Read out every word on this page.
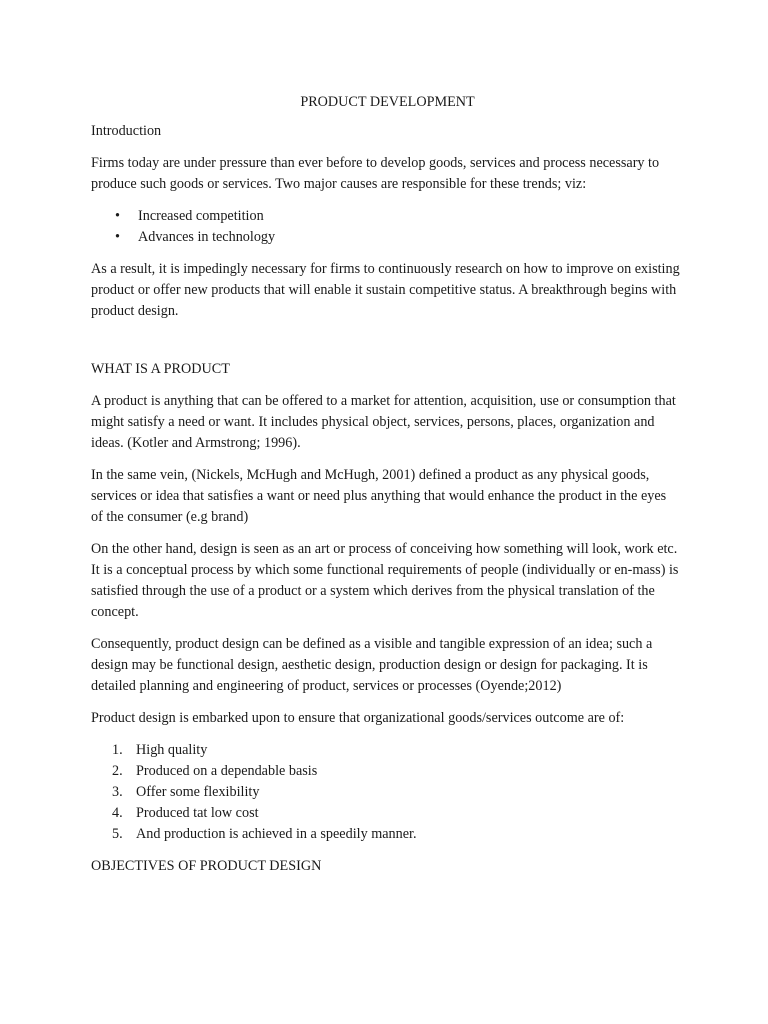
PRODUCT DEVELOPMENT
Introduction

Firms today are under pressure than ever before to develop goods, services and process necessary to produce such goods or services. Two major causes are responsible for these trends; viz:

• Increased competition
• Advances in technology

As a result, it is impedingly necessary for firms to continuously research on how to improve on existing product or offer new products that will enable it sustain competitive status. A breakthrough begins with product design.

WHAT IS A PRODUCT

A product is anything that can be offered to a market for attention, acquisition, use or consumption that might satisfy a need or want. It includes physical object, services, persons, places, organization and ideas. (Kotler and Armstrong; 1996).

In the same vein, (Nickels, McHugh and McHugh, 2001) defined a product as any physical goods, services or idea that satisfies a want or need plus anything that would enhance the product in the eyes of the consumer (e.g brand)

On the other hand, design is seen as an art or process of conceiving how something will look, work etc. It is a conceptual process by which some functional requirements of people (individually or en-mass) is satisfied through the use of a product or a system which derives from the physical translation of the concept.

Consequently, product design can be defined as a visible and tangible expression of an idea; such a design may be functional design, aesthetic design, production design or design for packaging. It is detailed planning and engineering of product, services or processes (Oyende;2012)

Product design is embarked upon to ensure that organizational goods/services outcome are of:

1. High quality
2. Produced on a dependable basis
3. Offer some flexibility
4. Produced tat low cost
5. And production is achieved in a speedily manner.
OBJECTIVES OF PRODUCT DESIGN
